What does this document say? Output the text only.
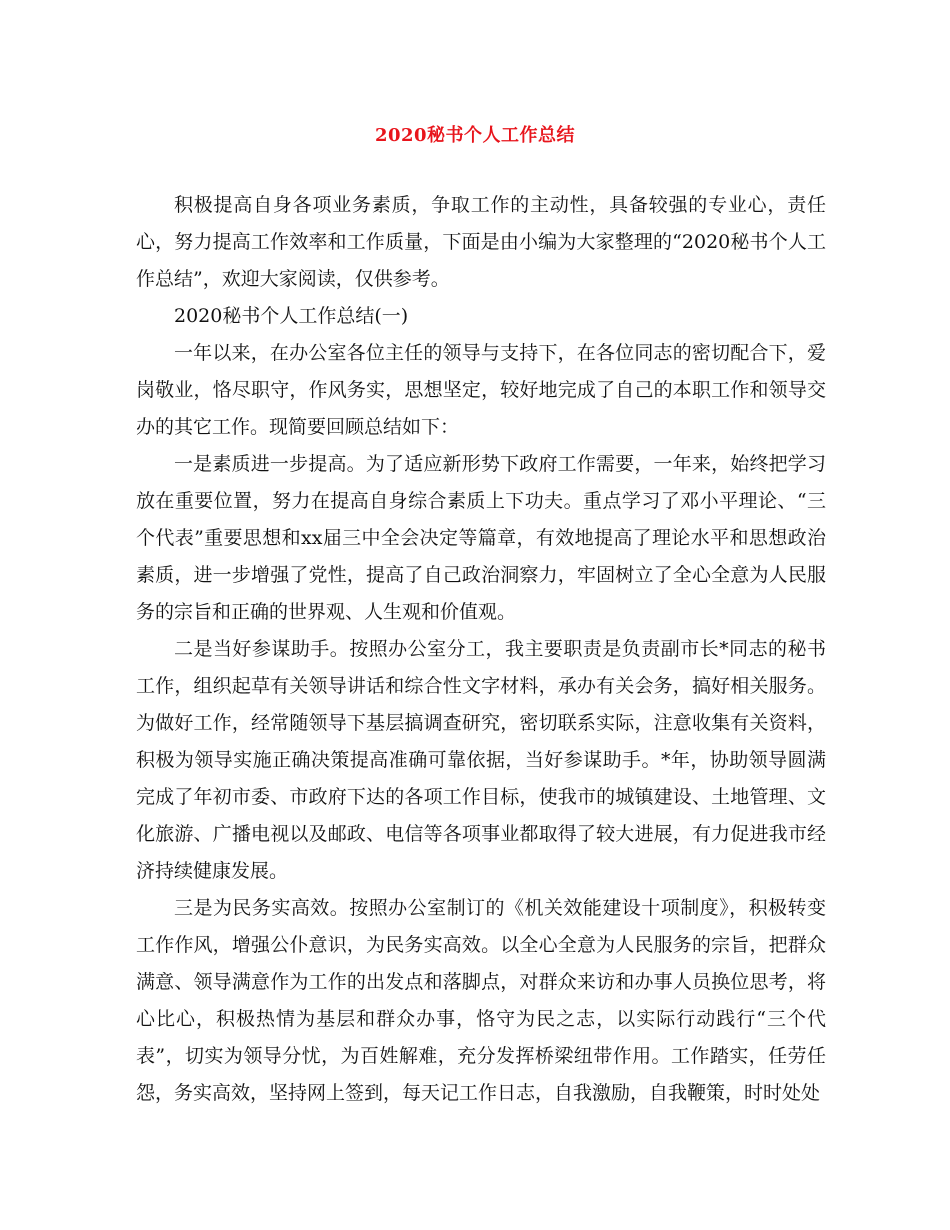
2020秘书个人工作总结

积极提高自身各项业务素质，争取工作的主动性，具备较强的专业心，责任心，努力提高工作效率和工作质量，下面是由小编为大家整理的“2020秘书个人工作总结”，欢迎大家阅读，仅供参考。

2020秘书个人工作总结(一)

一年以来，在办公室各位主任的领导与支持下，在各位同志的密切配合下，爱岗敬业，恪尽职守，作风务实，思想坚定，较好地完成了自己的本职工作和领导交办的其它工作。现简要回顾总结如下：

一是素质进一步提高。为了适应新形势下政府工作需要，一年来，始终把学习放在重要位置，努力在提高自身综合素质上下功夫。重点学习了邓小平理论、“三个代表”重要思想和xx届三中全会决定等篇章，有效地提高了理论水平和思想政治素质，进一步增强了党性，提高了自己政治洞察力，牢固树立了全心全意为人民服务的宗旨和正确的世界观、人生观和价值观。

二是当好参谋助手。按照办公室分工，我主要职责是负责副市长*同志的秘书工作，组织起草有关领导讲话和综合性文字材料，承办有关会务，搞好相关服务。为做好工作，经常随领导下基层搞调查研究，密切联系实际，注意收集有关资料，积极为领导实施正确决策提高准确可靠依据，当好参谋助手。*年，协助领导圆满完成了年初市委、市政府下达的各项工作目标，使我市的城镇建设、土地管理、文化旅游、广播电视以及邮政、电信等各项事业都取得了较大进展，有力促进我市经济持续健康发展。

三是为民务实高效。按照办公室制订的《机关效能建设十项制度》，积极转变工作作风，增强公仆意识，为民务实高效。以全心全意为人民服务的宗旨，把群众满意、领导满意作为工作的出发点和落脚点，对群众来访和办事人员换位思考，将心比心，积极热情为基层和群众办事，恪守为民之志，以实际行动践行“三个代表”，切实为领导分忧，为百姓解难，充分发挥桥梁纽带作用。工作踏实，任劳任怨，务实高效，坚持网上签到，每天记工作日志，自我激励，自我鞭策，时时处处
